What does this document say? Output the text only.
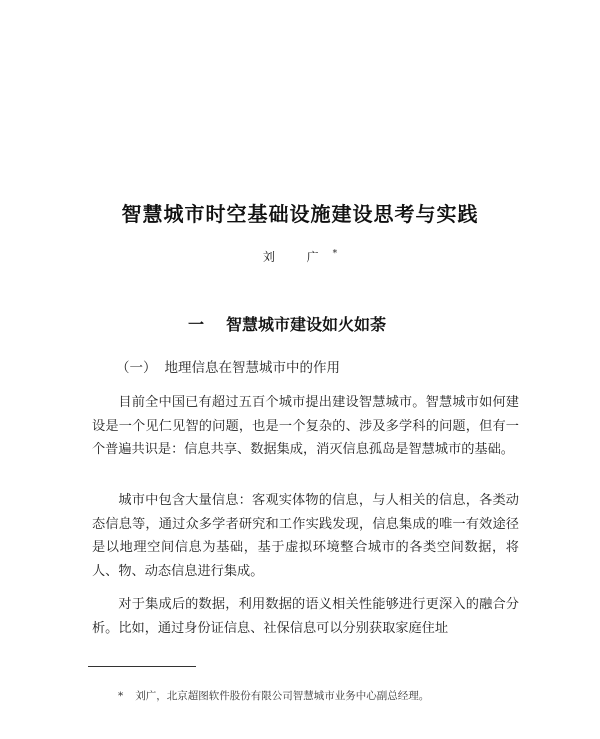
智慧城市时空基础设施建设思考与实践
刘 广*
一 智慧城市建设如火如荼
（一） 地理信息在智慧城市中的作用
目前全中国已有超过五百个城市提出建设智慧城市。智慧城市如何建设是一个见仁见智的问题，也是一个复杂的、涉及多学科的问题，但有一个普遍共识是：信息共享、数据集成，消灭信息孤岛是智慧城市的基础。
城市中包含大量信息：客观实体物的信息，与人相关的信息，各类动态信息等，通过众多学者研究和工作实践发现，信息集成的唯一有效途径是以地理空间信息为基础，基于虚拟环境整合城市的各类空间数据，将人、物、动态信息进行集成。
对于集成后的数据，利用数据的语义相关性能够进行更深入的融合分析。比如，通过身份证信息、社保信息可以分别获取家庭住址
* 刘广，北京超图软件股份有限公司智慧城市业务中心副总经理。
